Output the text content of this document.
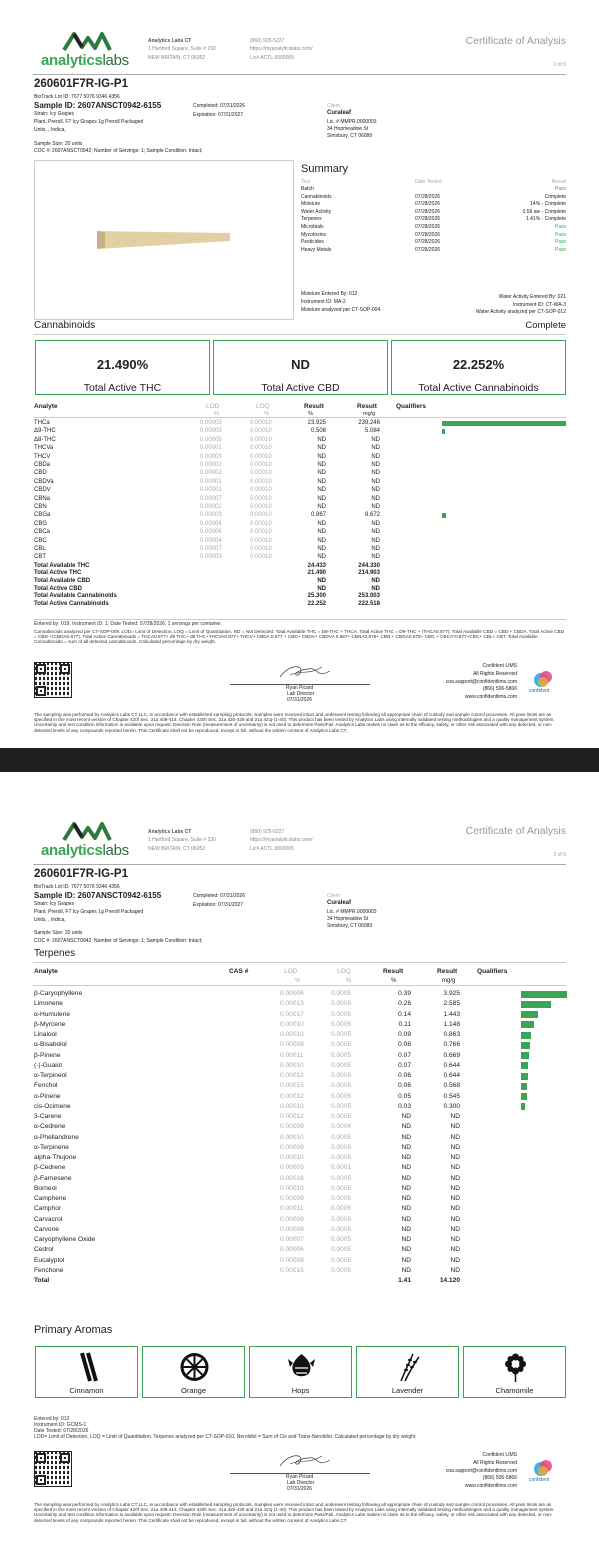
analyticslabs
Analytics Labs CT
1 Hartford Square, Suite # 230
NEW BRITAIN, CT 06052
(860) 925-5227
https://myanalyticslabs.com/
Lic# ACTL.0000005
Certificate of Analysis
1 of 5
260601F7R-IG-P1
BioTrack Lot ID: 7677 5076 9346 4356
Sample ID: 2607ANSCT0942-6155	Completed: 07/31/2026
Expiration: 07/31/2027
Strain: Icy Grapes
Plant, Preroll, F7 Icy Grapes 1g Preroll Packaged
Units, , Indica,
Sample Size: 20 units
COC #: 2607ANSCT0942; Number of Servings: 1; Sample Condition: Intact;
Client
Curaleaf
Lic. # MMPR.0000003
34 Hopmeadow St
Simsbury, CT 06089
Summary
Test	Date Tested	Result
Batch	Pass
Cannabinoids	07/28/2026	Complete
Moisture	07/28/2026	14% - Complete
Water Activity	07/28/2026	0.56 aw - Complete
Terpenes	07/28/2026	1.41% - Complete
Microbials	07/28/2026	Pass
Mycotoxins	07/28/2026	Pass
Pesticides	07/28/2026	Pass
Heavy Metals	07/28/2026	Pass
Moisture Entered By: 012
Instrument ID: MA-2
Moisture analyzed per CT-SOP-004
Water Activity Entered By: 021
Instrument ID: CT-WA-3
Water Activity analyzed per CT-SOP-012
Cannabinoids	Complete
21.490%
Total Active THC
ND
Total Active CBD
22.252%
Total Active Cannabinoids
Analyte	LOD	LOQ	Result	Result	Qualifiers
%	%	%	mg/g
THCa	0.00003	0.00010	23.925	239.246
Δ9-THC	0.00003	0.00010	0.508	5.084
Δ8-THC	0.00005	0.00010	ND	ND
THCVa	0.00001	0.00010	ND	ND
THCV	0.00003	0.00010	ND	ND
CBDa	0.00002	0.00010	ND	ND
CBD	0.00002	0.00010	ND	ND
CBDVa	0.00001	0.00010	ND	ND
CBDV	0.00001	0.00010	ND	ND
CBNa	0.00007	0.00010	ND	ND
CBN	0.00002	0.00010	ND	ND
CBGa	0.00003	0.00010	0.867	8.672
CBG	0.00004	0.00010	ND	ND
CBCa	0.00006	0.00010	ND	ND
CBC	0.00004	0.00010	ND	ND
CBL	0.00007	0.00010	ND	ND
CBT	0.00003	0.00010	ND	ND
Total Available THC	24.433	244.330
Total Active THC	21.490	214.903
Total Available CBD	ND	ND
Total Active CBD	ND	ND
Total Available Cannabinoids	25.300	253.003
Total Active Cannabinoids	22.252	222.518
Entered by: 019; Instrument ID: 1; Date Tested: 07/28/2026; 1 servings per container.
Cannabinoids analyzed per CT-SOP-009. LOD= Limit of Detection, LOQ = Limit of Quantitation, ND = Not Detected. Total Available THC = D9-THC + THCA. Total Active THC = D9-THC + (THCA0.877). Total Available CBD = CBD + CBDA. Total Active CBD = CBD +(CBDA0.877). Total Active Cannabinoids = THCA0.877+ d9 THC+ d8 THC+THCVA0.877+ THCV+ CBDA 0.877 + CBD+ CBDV+ CBDVA 0.867+ CBNA0.876+ CBN + CBGA0.878+ CBG + CBCA*0.877+CBC+ CBL+ CBT. Total Available Cannabinoids = sum of all detected cannabinoids. Calculated percentage by dry weight.
Ryan Picard
Lab Director
07/31/2026
Confident LIMS
All Rights Reserved
coa.support@confidentlims.com
(866) 506-5866
www.confidentlims.com
confident
The sampling was performed by Analytics Labs CT LLC, in accordance with established sampling protocols. Samples were received intact and underwent testing following all appropriate chain of custody and sample control processes. All pass limits are as specified in the most recent version of Chapter 420f Sec. 21a 408-414, Chapter 420h Sec. 21a 420-429 and 21a 421j-(1-40). This product has been tested by Analytics Labs using internally validated testing methodologies and a quality management system. Uncertainty and test condition information is available upon request. Decision Rule (measurement of uncertainty) is not used to determine Pass/Fail. Analytics Labs makes no claim as to the efficacy, safety, or other risk associated with any detected, or non-detected levels of any compounds reported herein. This Certificate shall not be reproduced, except in full, without the written consent of Analytics Labs CT.
analyticslabs
Analytics Labs CT
1 Hartford Square, Suite # 230
NEW BRITAIN, CT 06052
(860) 925-5227
https://myanalyticslabs.com/
Lic# ACTL.0000005
Certificate of Analysis
2 of 5
260601F7R-IG-P1
BioTrack Lot ID: 7677 5076 9346 4356
Sample ID: 2607ANSCT0942-6155	Completed: 07/31/2026
Expiration: 07/31/2027
Strain: Icy Grapes
Plant, Preroll, F7 Icy Grapes 1g Preroll Packaged
Units, , Indica,
Sample Size: 20 units
COC #: 2607ANSCT0942; Number of Servings: 1; Sample Condition: Intact;
Client
Curaleaf
Lic. # MMPR.0000003
34 Hopmeadow St
Simsbury, CT 06089
Terpenes
Analyte	CAS #	LOD	LOQ	Result	Result	Qualifiers
%	%	%	mg/g
β-Caryophyllene	0.00006	0.0005	0.39	3.925
Limonene	0.00013	0.0005	0.26	2.585
α-Humulene	0.00017	0.0005	0.14	1.443
β-Myrcene	0.00010	0.0005	0.11	1.148
Linalool	0.00010	0.0005	0.09	0.863
α-Bisabolol	0.00008	0.0005	0.08	0.766
β-Pinene	0.00011	0.0005	0.07	0.669
(-)-Guaiol	0.00010	0.0005	0.07	0.644
α-Terpineol	0.00012	0.0005	0.06	0.644
Fenchol	0.00015	0.0005	0.06	0.568
α-Pinene	0.00012	0.0005	0.05	0.545
cis-Ocimene	0.00010	0.0005	0.03	0.300
3-Carene	0.00012	0.0005	ND	ND
α-Cedrene	0.00009	0.0004	ND	ND
α-Phellandrene	0.00010	0.0005	ND	ND
α-Terpinene	0.00009	0.0005	ND	ND
alpha-Thujone	0.00010	0.0005	ND	ND
β-Cedrene	0.00003	0.0001	ND	ND
β-Farnesene	0.00016	0.0005	ND	ND
Borneol	0.00010	0.0005	ND	ND
Camphene	0.00009	0.0005	ND	ND
Camphor	0.00011	0.0005	ND	ND
Carvacrol	0.00008	0.0005	ND	ND
Carvone	0.00008	0.0005	ND	ND
Caryophyllene Oxide	0.00007	0.0005	ND	ND
Cedrol	0.00006	0.0005	ND	ND
Eucalyptol	0.00008	0.0005	ND	ND
Fenchone	0.00015	0.0005	ND	ND
Total	1.41	14.120
Primary Aromas
Entered by: 013
Instrument ID: GCMS-1
Date Tested: 07/28/2026
LOD= Limit of Detection, LOQ = Limit of Quantitation. Terpenes analyzed per CT-SOP-010. Nerolidol = Sum of Cis and Trans-Nerolidol. Calculated percentage by dry weight.
Ryan Picard
Lab Director
07/31/2026
Confident LIMS
All Rights Reserved
coa.support@confidentlims.com
(866) 506-5866
www.confidentlims.com
confident
The sampling was performed by Analytics Labs CT LLC, in accordance with established sampling protocols. Samples were received intact and underwent testing following all appropriate chain of custody and sample control processes. All pass limits are as specified in the most recent version of Chapter 420f Sec. 21a 408-414, Chapter 420h Sec. 21a 420-429 and 21a 421j-(1-40). This product has been tested by Analytics Labs using internally validated testing methodologies and a quality management system. Uncertainty and test condition information is available upon request. Decision Rule (measurement of uncertainty) is not used to determine Pass/Fail. Analytics Labs makes no claim as to the efficacy, safety, or other risk associated with any detected, or non-detected levels of any compounds reported herein. This Certificate shall not be reproduced, except in full, without the written consent of Analytics Labs CT.
Cinnamon	Orange	Hops	Lavender	Chamomile
